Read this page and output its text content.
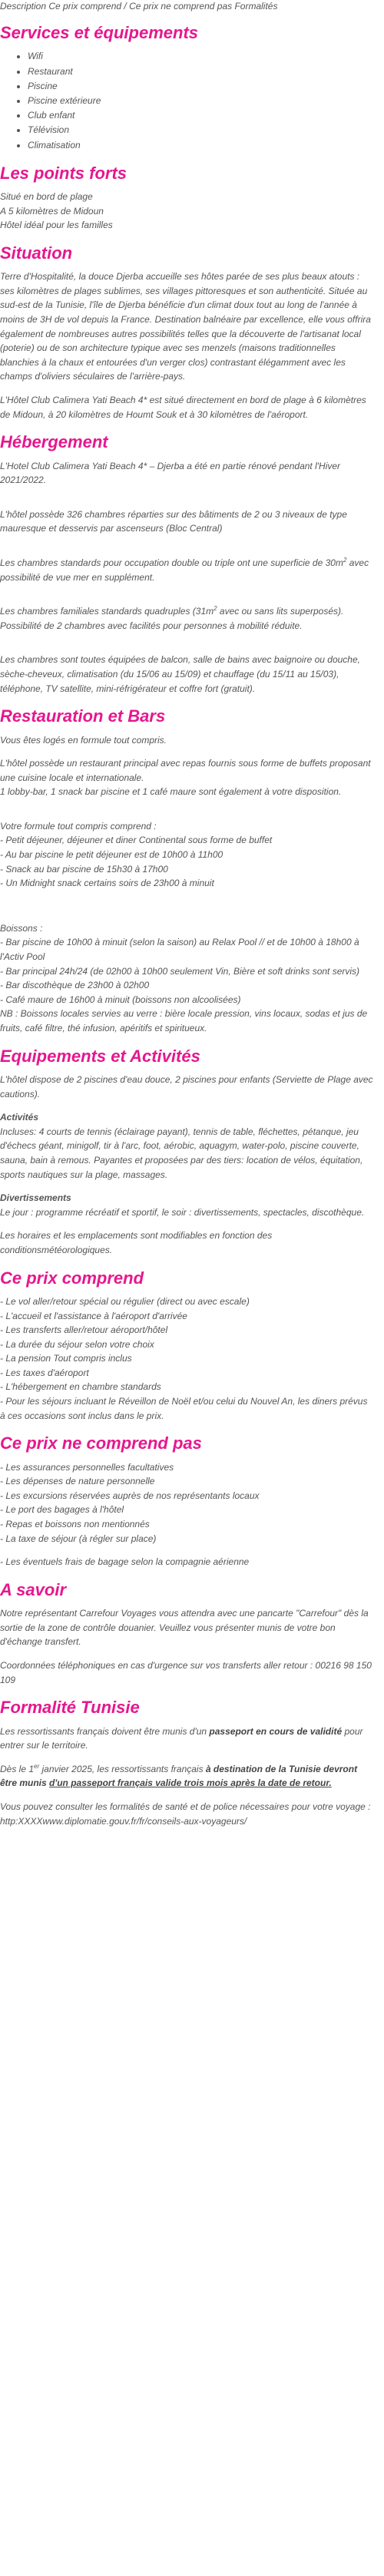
Description Ce prix comprend / Ce prix ne comprend pas Formalités
Services et équipements
• Wifi
• Restaurant
• Piscine
• Piscine extérieure
• Club enfant
• Télévision
• Climatisation
Les points forts
Situé en bord de plage
A 5 kilomètres de Midoun
Hôtel idéal pour les familles
Situation

Terre d'Hospitalité, la douce Djerba accueille ses hôtes parée de ses plus beaux atouts : ses kilomètres de plages sublimes, ses villages pittoresques et son authenticité. Située au sud-est de la Tunisie, l'île de Djerba bénéficie d'un climat doux tout au long de l'année à moins de 3H de vol depuis la France. Destination balnéaire par excellence, elle vous offrira également de nombreuses autres possibilités telles que la découverte de l'artisanat local (poterie) ou de son architecture typique avec ses menzels (maisons traditionnelles blanchies à la chaux et entourées d'un verger clos) contrastant élégamment avec les champs d'oliviers séculaires de l'arrière-pays.

L'Hôtel Club Calimera Yati Beach 4* est situé directement en bord de plage à 6 kilomètres de Midoun, à 20 kilomètres de Houmt Souk et à 30 kilomètres de l'aéroport.

Hébergement

L'Hotel Club Calimera Yati Beach 4* – Djerba a été en partie rénové pendant l'Hiver 2021/2022.

L'hôtel possède 326 chambres réparties sur des bâtiments de 2 ou 3 niveaux de type mauresque et desservis par ascenseurs (Bloc Central)

Les chambres standards pour occupation double ou triple ont une superficie de $30m^2$ avec possibilité de vue mer en supplément.

Les chambres familiales standards quadruples ($31m^2$ avec ou sans lits superposés). Possibilité de 2 chambres avec facilités pour personnes à mobilité réduite.

Les chambres sont toutes équipées de balcon, salle de bains avec baignoire ou douche, sèche-cheveux, climatisation (du 15/06 au 15/09) et chauffage (du 15/11 au 15/03), téléphone, TV satellite, mini-réfrigérateur et coffre fort (gratuit).

Restauration et Bars

Vous êtes logés en formule tout compris.

L'hôtel possède un restaurant principal avec repas fournis sous forme de buffets proposant une cuisine locale et internationale.

1 lobby-bar, 1 snack bar piscine et 1 café maure sont également à votre disposition.

Votre formule tout compris comprend :
- Petit déjeuner, déjeuner et diner Continental sous forme de buffet
- Au bar piscine le petit déjeuner est de 10h00 à 11h00
- Snack au bar piscine de 15h30 à 17h00
- Un Midnight snack certains soirs de 23h00 à minuit
Boissons :
- Bar piscine de 10h00 à minuit (selon la saison) au Relax Pool // et de 10h00 à 18h00 à l'Activ Pool
- Bar principal 24h/24 (de 02h00 à 10h00 seulement Vin, Bière et soft drinks sont servis)
- Bar discothèque de 23h00 à 02h00
- Café maure de 16h00 à minuit (boissons non alcoolisées)
NB : Boissons locales servies au verre : bière locale pression, vins locaux, sodas et jus de fruits, café filtre, thé infusion, apéritifs et spiritueux.
Equipements et Activités

L'hôtel dispose de 2 piscines d'eau douce, 2 piscines pour enfants (Serviette de Plage avec cautions).

Activités

Incluses: 4 courts de tennis (éclairage payant), tennis de table, fléchettes, pétanque, jeu d'échecs géant, minigolf, tir à l'arc, foot, aérobic, aquagym, water-polo, piscine couverte, sauna, bain à remous. Payantes et proposées par des tiers: location de vélos, équitation, sports nautiques sur la plage, massages.

Divertissements

Le jour : programme récréatif et sportif, le soir : divertissements, spectacles, discothèque.

Les horaires et les emplacements sont modifiables en fonction des conditionsmétéorologiques.

Ce prix comprend
- Le vol aller/retour spécial ou régulier (direct ou avec escale)
- L'accueil et l'assistance à l'aéroport d'arrivée
- Les transferts aller/retour aéroport/hôtel
- La durée du séjour selon votre choix
- La pension Tout compris inclus
- Les taxes d'aéroport
- L'hébergement en chambre standards
- Pour les séjours incluant le Réveillon de Noël et/ou celui du Nouvel An, les diners prévus à ces occasions sont inclus dans le prix.
Ce prix ne comprend pas
- Les assurances personnelles facultatives
- Les dépenses de nature personnelle
- Les excursions réservées auprès de nos représentants locaux
- Le port des bagages à l'hôtel
- Repas et boissons non mentionnés
- La taxe de séjour (à régler sur place)

- Les éventuels frais de bagage selon la compagnie aérienne

A savoir

Notre représentant Carrefour Voyages vous attendra avec une pancarte "Carrefour" dès la sortie de la zone de contrôle douanier. Veuillez vous présenter munis de votre bon d'échange transfert.

Coordonnées téléphoniques en cas d'urgence sur vos transferts aller retour : 00216 98 150 109

Formalité Tunisie

Les ressortissants français doivent être munis d'un passeport en cours de validité pour entrer sur le territoire.

Dès le 1er janvier 2025, les ressortissants français à destination de la Tunisie devront être munis d'un passeport français valide trois mois après la date de retour.

Vous pouvez consulter les formalités de santé et de police nécessaires pour votre voyage : http:XXXXwww.diplomatie.gouv.fr/fr/conseils-aux-voyageurs/
